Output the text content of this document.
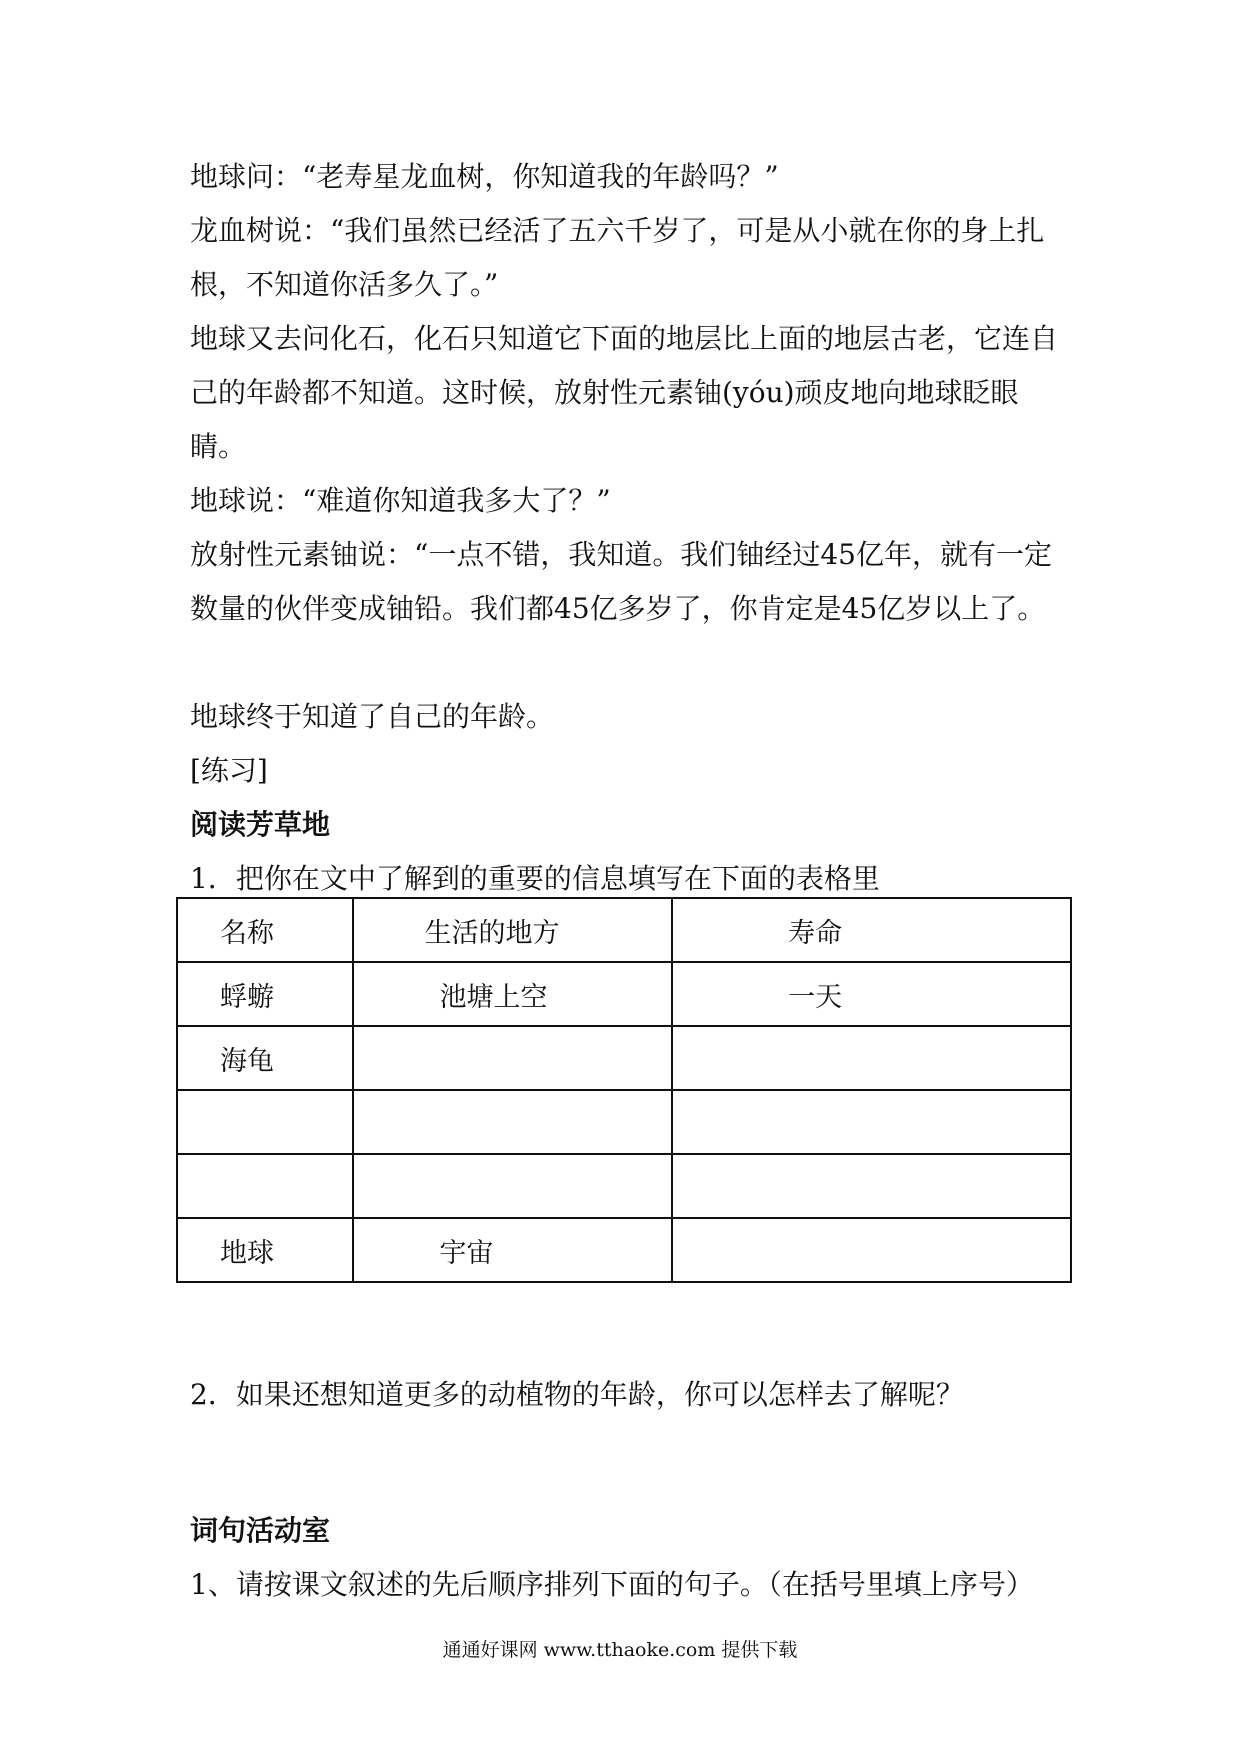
地球问：“老寿星龙血树，你知道我的年龄吗？”

龙血树说：“我们虽然已经活了五六千岁了，可是从小就在你的身上扎根，不知道你活多久了。”

地球又去问化石，化石只知道它下面的地层比上面的地层古老，它连自己的年龄都不知道。这时候，放射性元素铀(yóu)顽皮地向地球眨眼睛。

地球说：“难道你知道我多大了？”

放射性元素铀说：“一点不错，我知道。我们铀经过45亿年，就有一定数量的伙伴变成铀铅。我们都45亿多岁了，你肯定是45亿岁以上了。

地球终于知道了自己的年龄。

[练习]

阅读芳草地

1．把你在文中了解到的重要的信息填写在下面的表格里

名称	生活的地方	寿命
蜉蝣	池塘上空	一天
海龟		

地球	宇宙	

2．如果还想知道更多的动植物的年龄，你可以怎样去了解呢？

词句活动室

1、请按课文叙述的先后顺序排列下面的句子。（在括号里填上序号）

通通好课网 www.tthaoke.com 提供下载
